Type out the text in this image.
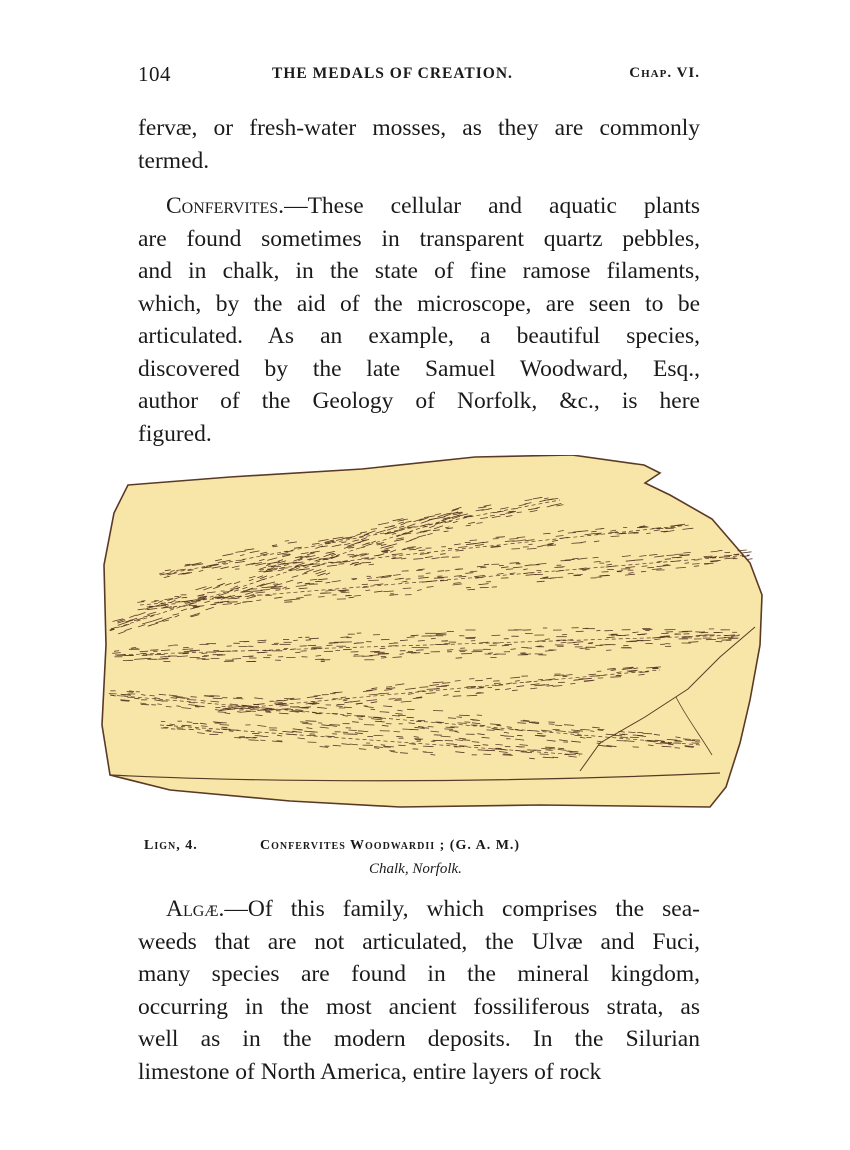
104	THE MEDALS OF CREATION.	Chap. VI.
fervæ, or fresh-water mosses, as they are commonly
termed.
Confervites.—These cellular and aquatic plants
are found sometimes in transparent quartz pebbles,
and in chalk, in the state of fine ramose filaments,
which, by the aid of the microscope, are seen to be
articulated. As an example, a beautiful species,
discovered by the late Samuel Woodward, Esq.,
author of the Geology of Norfolk, &c., is here
figured.
Lign, 4.	Confervites Woodwardii ; (G. A. M.)
Chalk, Norfolk.
Algæ.—Of this family, which comprises the sea-
weeds that are not articulated, the Ulvæ and Fuci,
many species are found in the mineral kingdom,
occurring in the most ancient fossiliferous strata, as
well as in the modern deposits. In the Silurian
limestone of North America, entire layers of rock
